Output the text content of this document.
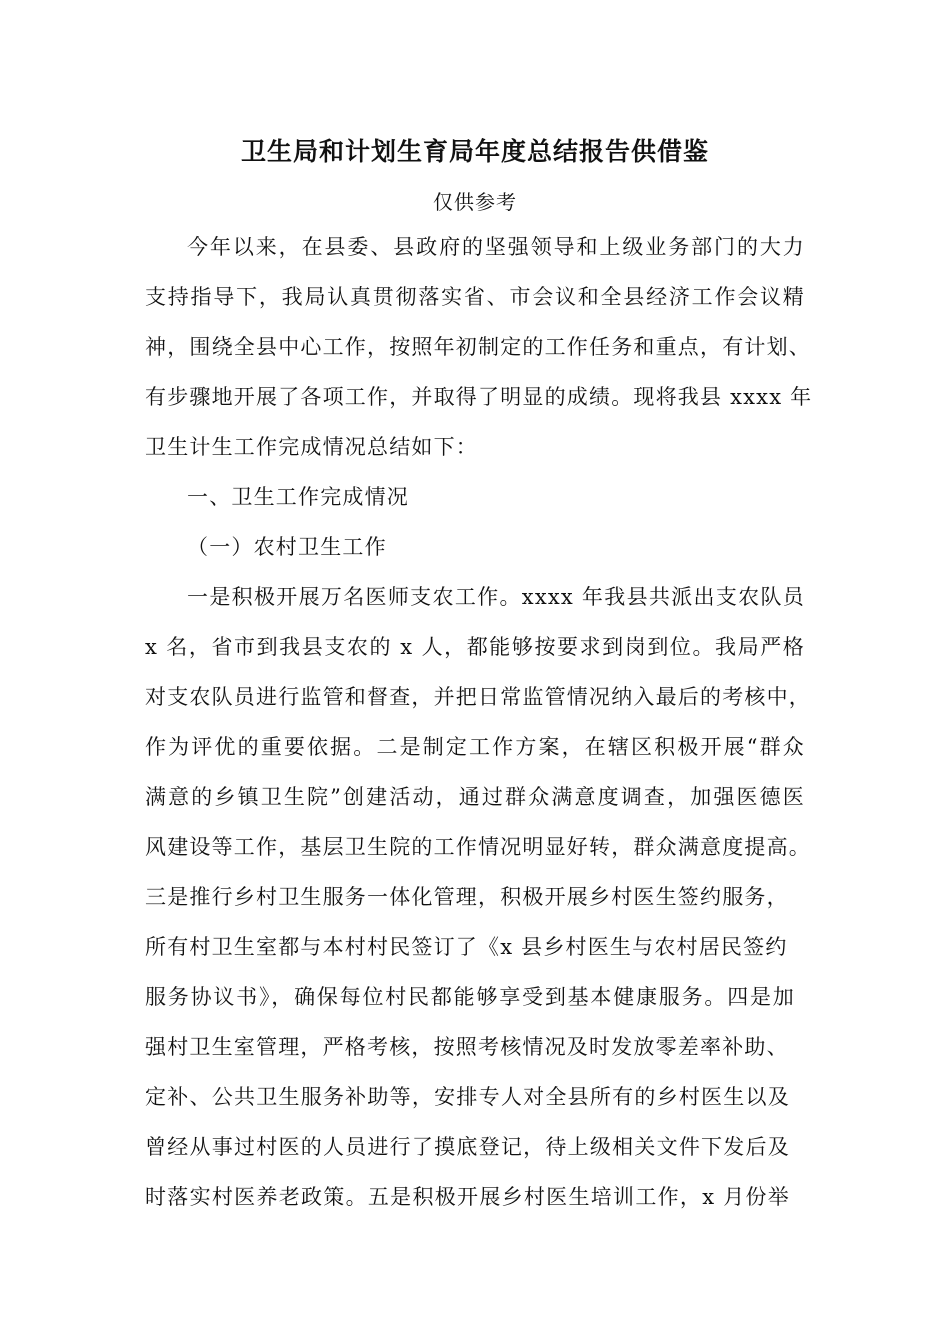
卫生局和计划生育局年度总结报告供借鉴
仅供参考
今年以来，在县委、县政府的坚强领导和上级业务部门的大力
支持指导下，我局认真贯彻落实省、市会议和全县经济工作会议精
神，围绕全县中心工作，按照年初制定的工作任务和重点，有计划、
有步骤地开展了各项工作，并取得了明显的成绩。现将我县 xxxx 年
卫生计生工作完成情况总结如下：
一、卫生工作完成情况
（一）农村卫生工作
一是积极开展万名医师支农工作。xxxx 年我县共派出支农队员
x 名，省市到我县支农的 x 人，都能够按要求到岗到位。我局严格
对支农队员进行监管和督查，并把日常监管情况纳入最后的考核中，
作为评优的重要依据。二是制定工作方案，在辖区积极开展“群众
满意的乡镇卫生院”创建活动，通过群众满意度调查，加强医德医
风建设等工作，基层卫生院的工作情况明显好转，群众满意度提高。
三是推行乡村卫生服务一体化管理，积极开展乡村医生签约服务，
所有村卫生室都与本村村民签订了《x 县乡村医生与农村居民签约
服务协议书》，确保每位村民都能够享受到基本健康服务。四是加
强村卫生室管理，严格考核，按照考核情况及时发放零差率补助、
定补、公共卫生服务补助等，安排专人对全县所有的乡村医生以及
曾经从事过村医的人员进行了摸底登记，待上级相关文件下发后及
时落实村医养老政策。五是积极开展乡村医生培训工作，x 月份举
